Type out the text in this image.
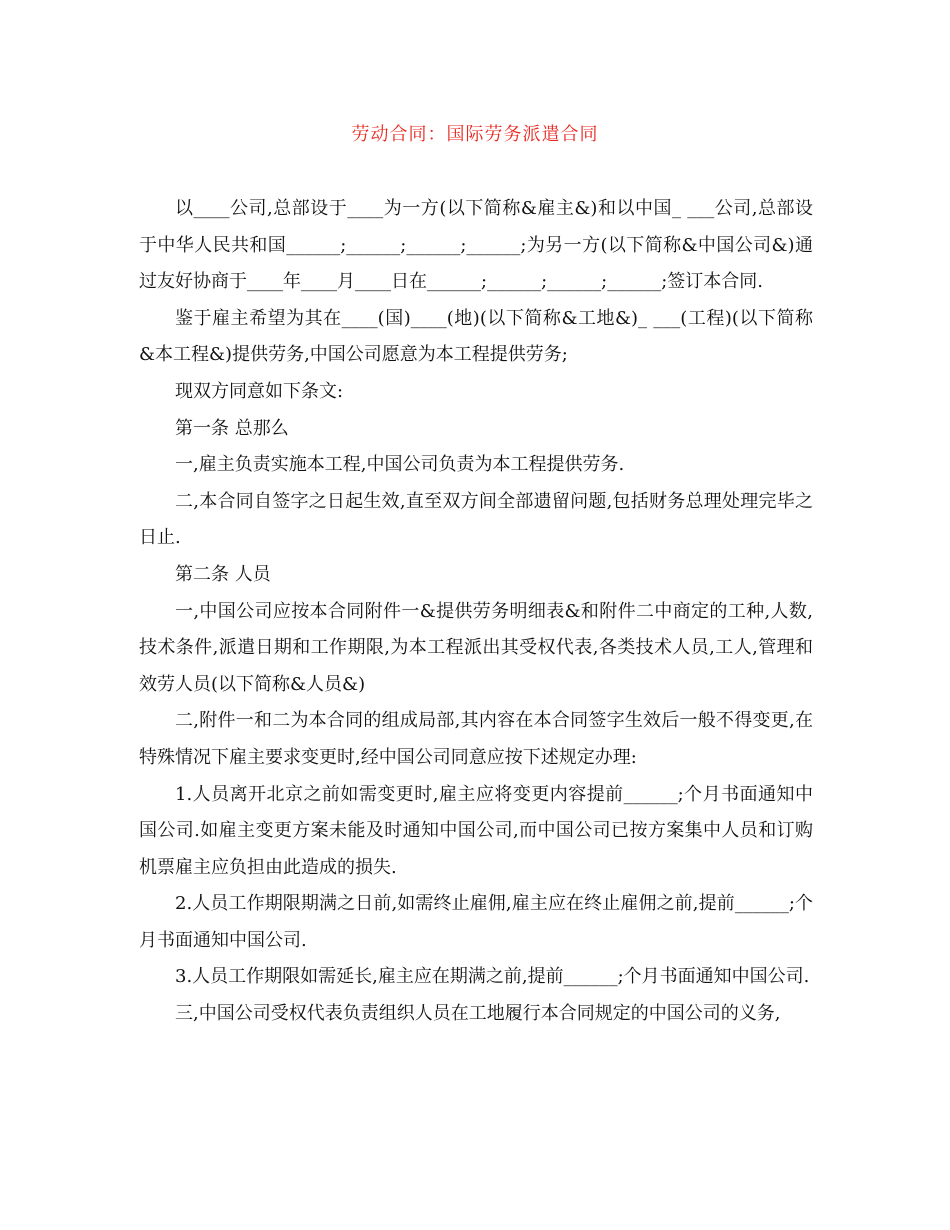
劳动合同：国际劳务派遣合同

以____公司,总部设于____为一方(以下简称&雇主&)和以中国_ ___公司,总部设于中华人民共和国______;______;______;______;为另一方(以下简称&中国公司&)通过友好协商于____年____月____日在______;______;______;______;签订本合同.

鉴于雇主希望为其在____(国)____(地)(以下简称&工地&)_ ___(工程)(以下简称&本工程&)提供劳务,中国公司愿意为本工程提供劳务;

现双方同意如下条文:

第一条 总那么

一,雇主负责实施本工程,中国公司负责为本工程提供劳务.

二,本合同自签字之日起生效,直至双方间全部遗留问题,包括财务总理处理完毕之日止.

第二条 人员

一,中国公司应按本合同附件一&提供劳务明细表&和附件二中商定的工种,人数,技术条件,派遣日期和工作期限,为本工程派出其受权代表,各类技术人员,工人,管理和效劳人员(以下简称&人员&)

二,附件一和二为本合同的组成局部,其内容在本合同签字生效后一般不得变更,在特殊情况下雇主要求变更时,经中国公司同意应按下述规定办理:

1.人员离开北京之前如需变更时,雇主应将变更内容提前______;个月书面通知中国公司.如雇主变更方案未能及时通知中国公司,而中国公司已按方案集中人员和订购机票雇主应负担由此造成的损失.

2.人员工作期限期满之日前,如需终止雇佣,雇主应在终止雇佣之前,提前______;个月书面通知中国公司.

3.人员工作期限如需延长,雇主应在期满之前,提前______;个月书面通知中国公司.

三,中国公司受权代表负责组织人员在工地履行本合同规定的中国公司的义务,
